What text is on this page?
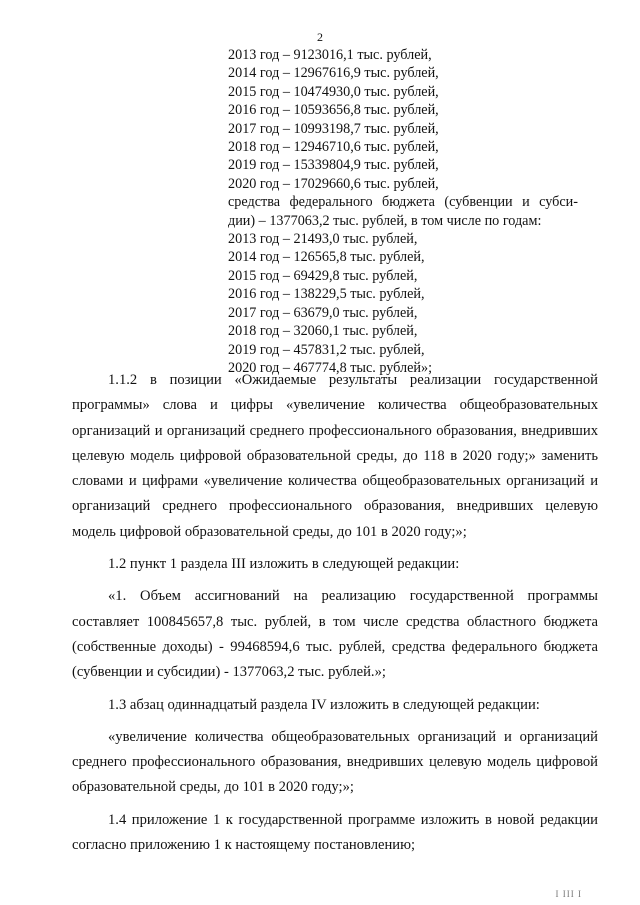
2
2013 год – 9123016,1 тыс. рублей,
2014 год – 12967616,9 тыс. рублей,
2015 год – 10474930,0 тыс. рублей,
2016 год – 10593656,8 тыс. рублей,
2017 год – 10993198,7 тыс. рублей,
2018 год – 12946710,6 тыс. рублей,
2019 год – 15339804,9 тыс. рублей,
2020 год – 17029660,6 тыс. рублей,
средства федерального бюджета (субвенции и субси-
дии) – 1377063,2 тыс. рублей, в том числе по годам:
2013 год – 21493,0 тыс. рублей,
2014 год – 126565,8 тыс. рублей,
2015 год – 69429,8 тыс. рублей,
2016 год – 138229,5 тыс. рублей,
2017 год – 63679,0 тыс. рублей,
2018 год – 32060,1 тыс. рублей,
2019 год – 457831,2 тыс. рублей,
2020 год – 467774,8 тыс. рублей»;

1.1.2 в позиции «Ожидаемые результаты реализации государственной программы» слова и цифры «увеличение количества общеобразовательных организаций и организаций среднего профессионального образования, внедривших целевую модель цифровой образовательной среды, до 118 в 2020 году;» заменить словами и цифрами «увеличение количества общеобразовательных организаций и организаций среднего профессионального образования, внедривших целевую модель цифровой образовательной среды, до 101 в 2020 году;»;

1.2 пункт 1 раздела III изложить в следующей редакции:

«1. Объем ассигнований на реализацию государственной программы составляет 100845657,8 тыс. рублей, в том числе средства областного бюджета (собственные доходы) - 99468594,6 тыс. рублей, средства федерального бюджета (субвенции и субсидии) - 1377063,2 тыс. рублей.»;

1.3 абзац одиннадцатый раздела IV изложить в следующей редакции:

«увеличение количества общеобразовательных организаций и организаций среднего профессионального образования, внедривших целевую модель цифровой образовательной среды, до 101 в 2020 году;»;

1.4 приложение 1 к государственной программе изложить в новой редакции согласно приложению 1 к настоящему постановлению;

I III I
